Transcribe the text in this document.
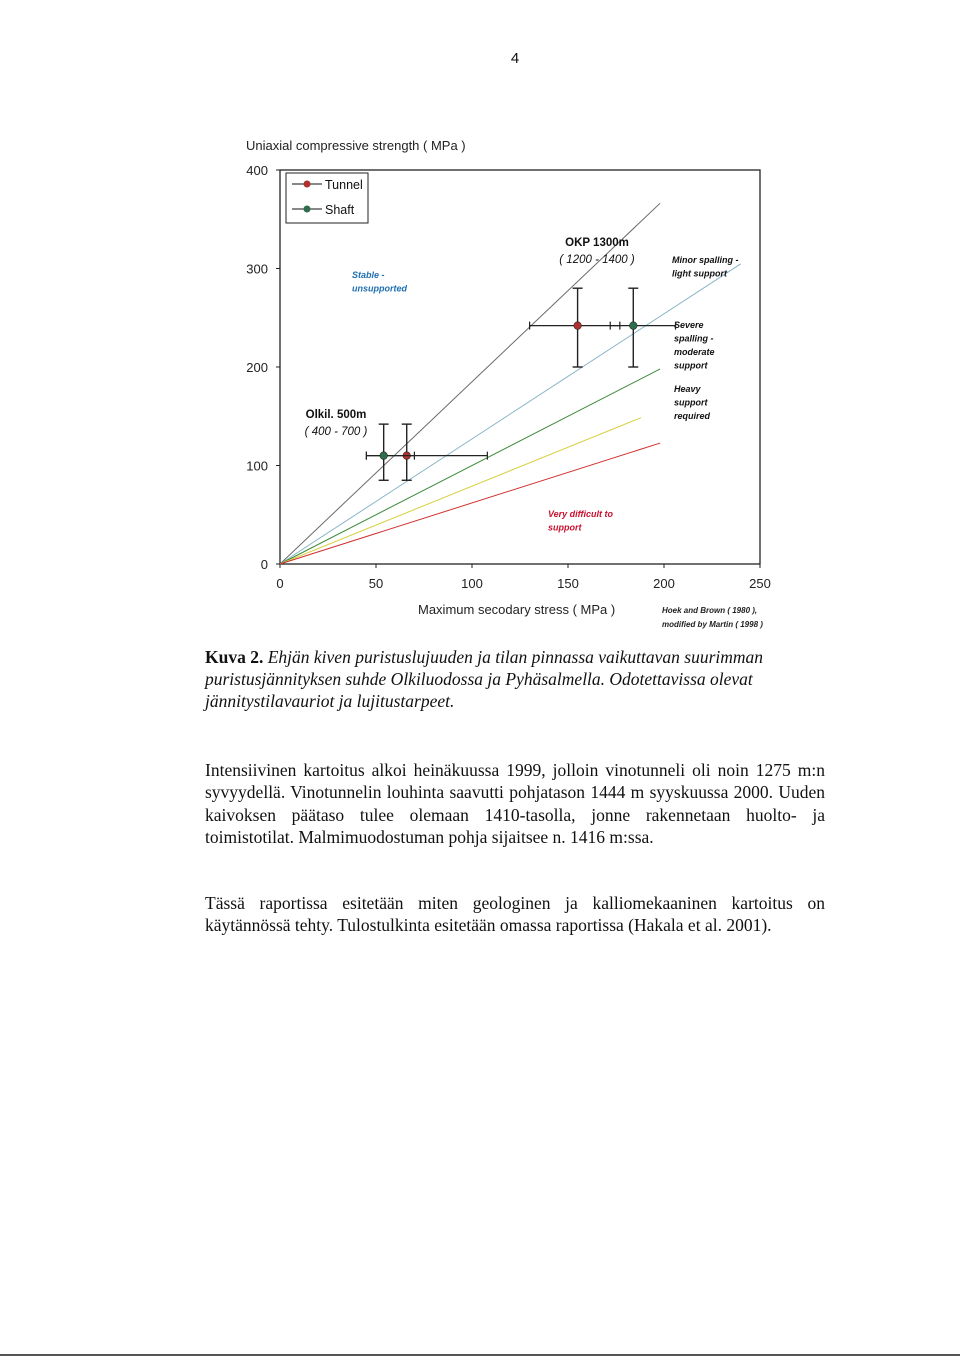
4
Uniaxial compressive strength ( MPa )
Stable -
unsupported
Minor spalling -
light support
Severe
spalling -
moderate
support
Heavy
support
required
Very difficult to
support
0
100
200
300
400
0	50	100	150	200	250
OKP 1300m
( 1200 - 1400 )
Olkil. 500m
( 400 - 700 )
Tunnel
Shaft
Maximum secodary stress ( MPa )	Hoek and Brown ( 1980 ),
modified by Martin ( 1998 )
Kuva 2. Ehjän kiven puristuslujuuden ja tilan pinnassa vaikuttavan suurimman puristusjännityksen suhde Olkiluodossa ja Pyhäsalmella. Odotettavissa olevat jännitystilavauriot ja lujitustarpeet.

Intensiivinen kartoitus alkoi heinäkuussa 1999, jolloin vinotunneli oli noin 1275 m:n syvyydellä. Vinotunnelin louhinta saavutti pohjatason 1444 m syyskuussa 2000. Uuden kaivoksen päätaso tulee olemaan 1410-tasolla, jonne rakennetaan huolto- ja toimistotilat. Malmimuodostuman pohja sijaitsee n. 1416 m:ssa.

Tässä raportissa esitetään miten geologinen ja kalliomekaaninen kartoitus on käytännössä tehty. Tulostulkinta esitetään omassa raportissa (Hakala et al. 2001).
